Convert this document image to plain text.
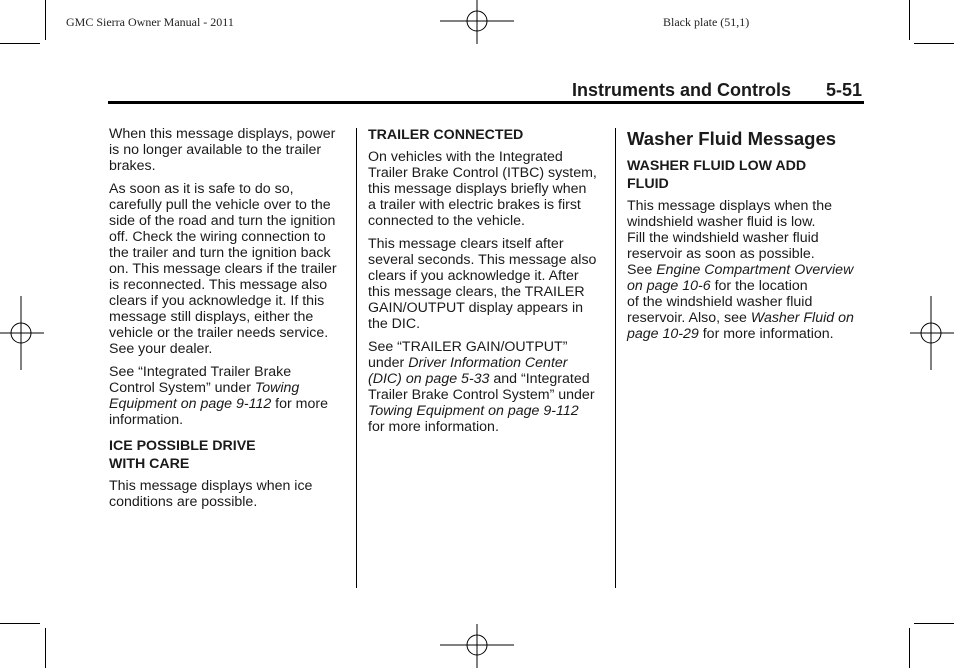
GMC Sierra Owner Manual - 2011	Black plate (51,1)
Instruments and Controls 5-51

When this message displays, power
is no longer available to the trailer
brakes.

As soon as it is safe to do so,
carefully pull the vehicle over to the
side of the road and turn the ignition
off. Check the wiring connection to
the trailer and turn the ignition back
on. This message clears if the trailer
is reconnected. This message also
clears if you acknowledge it. If this
message still displays, either the
vehicle or the trailer needs service.
See your dealer.

See “Integrated Trailer Brake
Control System” under Towing
Equipment on page 9‑112 for more
information.

ICE POSSIBLE DRIVE
WITH CARE

This message displays when ice
conditions are possible.

TRAILER CONNECTED

On vehicles with the Integrated
Trailer Brake Control (ITBC) system,
this message displays briefly when
a trailer with electric brakes is first
connected to the vehicle.

This message clears itself after
several seconds. This message also
clears if you acknowledge it. After
this message clears, the TRAILER
GAIN/OUTPUT display appears in
the DIC.

See “TRAILER GAIN/OUTPUT”
under Driver Information Center
(DIC) on page 5‑33 and “Integrated
Trailer Brake Control System” under
Towing Equipment on page 9‑112
for more information.

Washer Fluid Messages
WASHER FLUID LOW ADD
FLUID

This message displays when the
windshield washer fluid is low.
Fill the windshield washer fluid
reservoir as soon as possible.
See Engine Compartment Overview
on page 10‑6 for the location
of the windshield washer fluid
reservoir. Also, see Washer Fluid on
page 10‑29 for more information.
